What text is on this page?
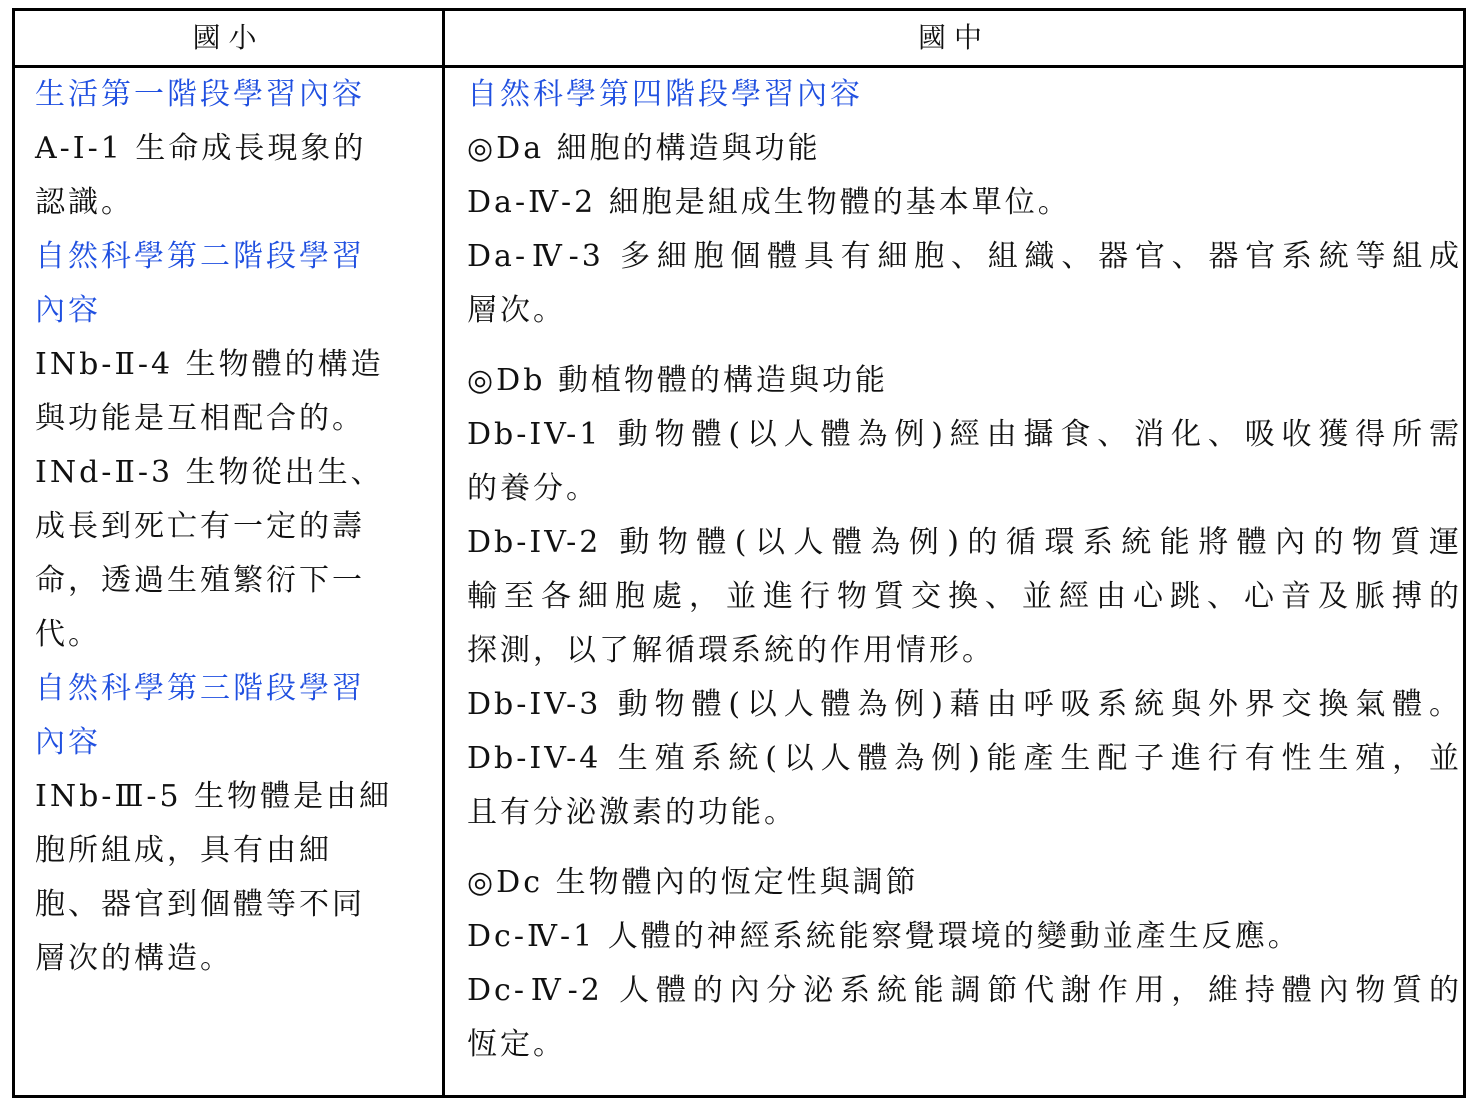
國小	國中
生活第一階段學習內容
A-I-1 生命成長現象的
認識。
自然科學第二階段學習
內容
INb-Ⅱ-4 生物體的構造
與功能是互相配合的。
INd-Ⅱ-3 生物從出生、
成長到死亡有一定的壽
命，透過生殖繁衍下一
代。
自然科學第三階段學習
內容
INb-Ⅲ-5 生物體是由細
胞所組成，具有由細
胞、器官到個體等不同
層次的構造。
自然科學第四階段學習內容
◎Da 細胞的構造與功能
Da-Ⅳ-2 細胞是組成生物體的基本單位。
Da-Ⅳ-3 多細胞個體具有細胞、組織、器官、器官系統等組成
層次。
◎Db 動植物體的構造與功能
Db-IV-1 動物體(以人體為例)經由攝食、消化、吸收獲得所需
的養分。
Db-IV-2 動物體(以人體為例)的循環系統能將體內的物質運
輸至各細胞處，並進行物質交換、並經由心跳、心音及脈搏的
探測，以了解循環系統的作用情形。
Db-IV-3 動物體(以人體為例)藉由呼吸系統與外界交換氣體。
Db-IV-4 生殖系統(以人體為例)能產生配子進行有性生殖，並
且有分泌激素的功能。
◎Dc 生物體內的恆定性與調節
Dc-Ⅳ-1 人體的神經系統能察覺環境的變動並產生反應。
Dc-Ⅳ-2 人體的內分泌系統能調節代謝作用，維持體內物質的
恆定。
